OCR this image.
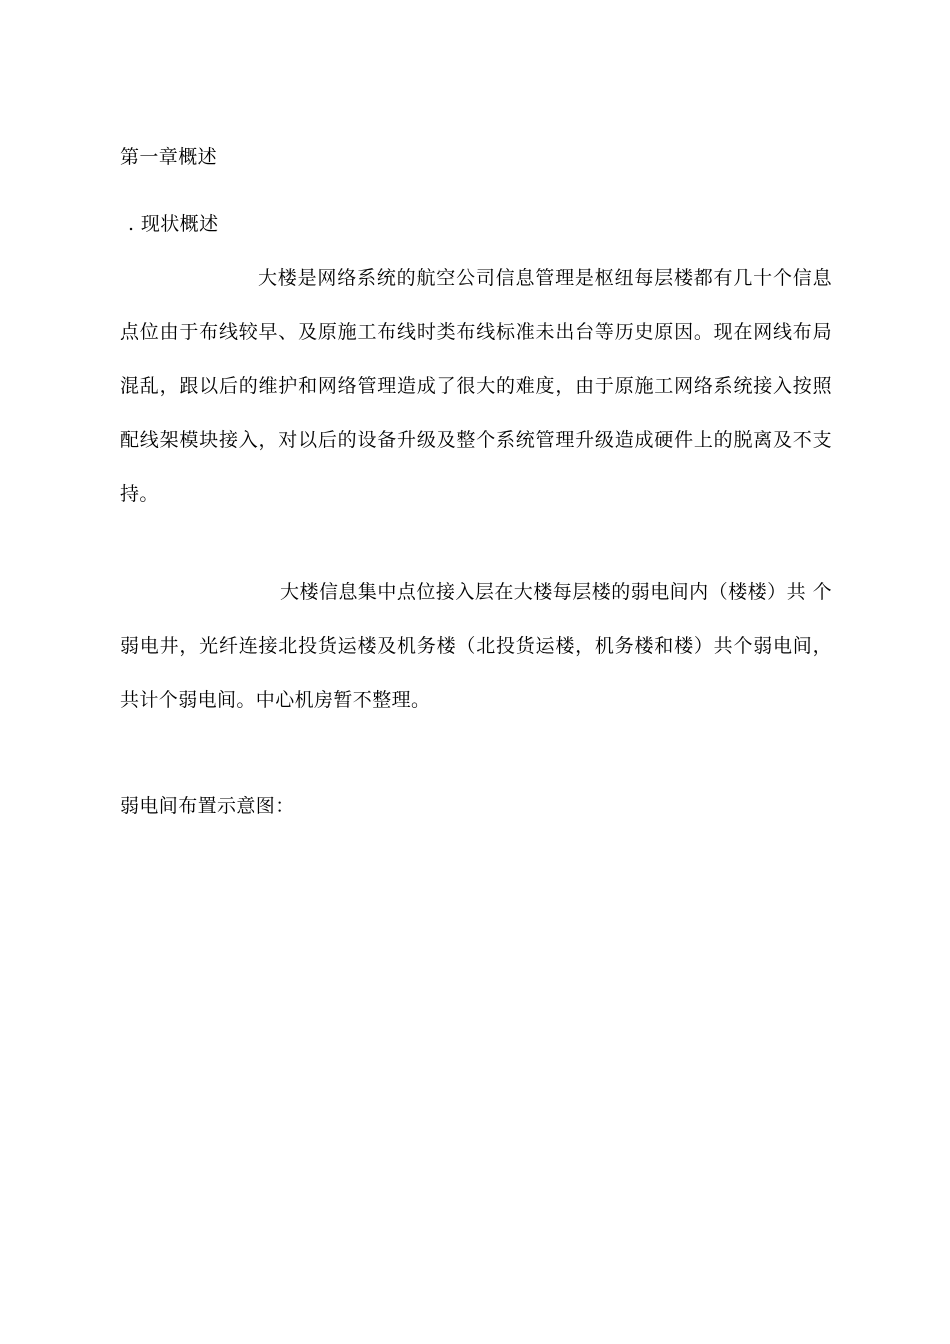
第一章概述
. 现状概述
大楼是网络系统的航空公司信息管理是枢纽每层楼都有几十个信息点位由于布线较早、及原施工布线时类布线标准未出台等历史原因。现在网线布局混乱，跟以后的维护和网络管理造成了很大的难度，由于原施工网络系统接入按照配线架模块接入，对以后的设备升级及整个系统管理升级造成硬件上的脱离及不支持。
大楼信息集中点位接入层在大楼每层楼的弱电间内（楼楼）共 个弱电井，光纤连接北投货运楼及机务楼（北投货运楼，机务楼和楼）共个弱电间，共计个弱电间。中心机房暂不整理。
弱电间布置示意图：
